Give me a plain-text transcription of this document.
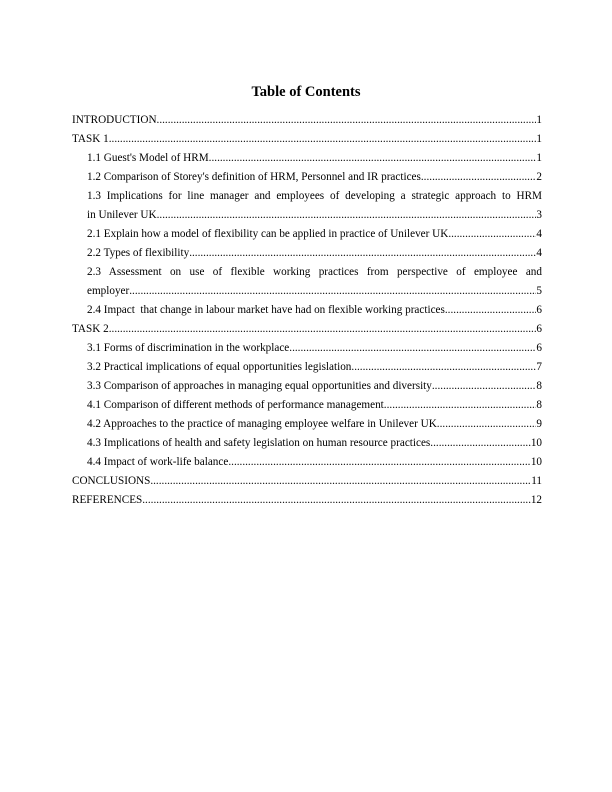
Table of Contents
INTRODUCTION .....	1
TASK 1 .....	1
1.1 Guest's Model of HRM .....	1
1.2 Comparison of Storey's definition of HRM, Personnel and IR practices .....	2
1.3 Implications for line manager and employees of developing a strategic approach to HRM
in Unilever UK .....	3
2.1 Explain how a model of flexibility can be applied in practice of Unilever UK .....	4
2.2 Types of flexibility .....	4
2.3 Assessment on use of flexible working practices from perspective of employee and
employer .....	5
2.4 Impact  that change in labour market have had on flexible working practices .....	6
TASK 2 .....	6
3.1 Forms of discrimination in the workplace .....	6
3.2 Practical implications of equal opportunities legislation .....	7
3.3 Comparison of approaches in managing equal opportunities and diversity .....	8
4.1 Comparison of different methods of performance management .....	8
4.2 Approaches to the practice of managing employee welfare in Unilever UK .....	9
4.3 Implications of health and safety legislation on human resource practices .....	10
4.4 Impact of work-life balance .....	10
CONCLUSIONS .....	11
REFERENCES .....	12
